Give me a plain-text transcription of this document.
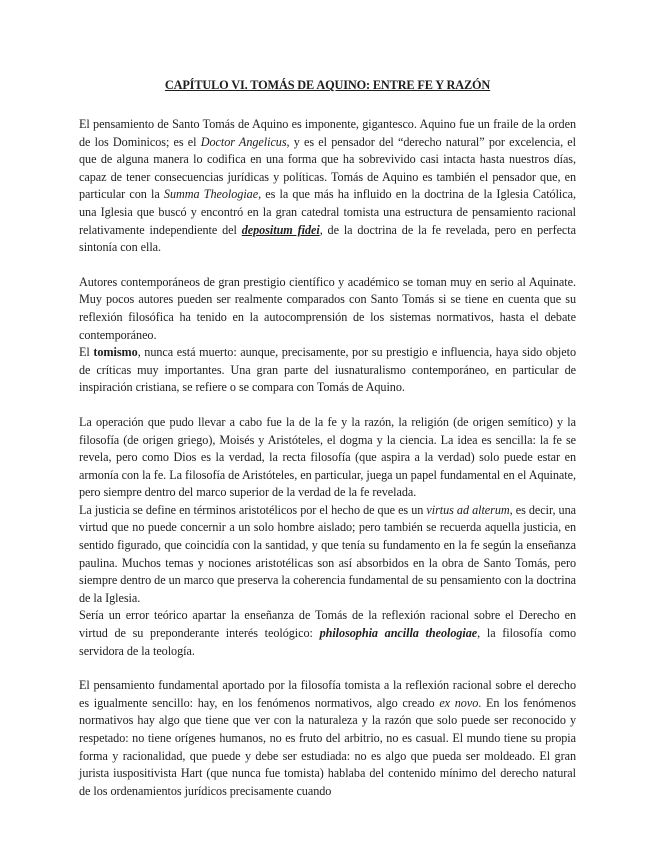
CAPÍTULO VI. TOMÁS DE AQUINO: ENTRE FE Y RAZÓN

El pensamiento de Santo Tomás de Aquino es imponente, gigantesco. Aquino fue un fraile de la orden de los Dominicos; es el Doctor Angelicus, y es el pensador del “derecho natural” por excelencia, el que de alguna manera lo codifica en una forma que ha sobrevivido casi intacta hasta nuestros días, capaz de tener consecuencias jurídicas y políticas. Tomás de Aquino es también el pensador que, en particular con la Summa Theologiae, es la que más ha influido en la doctrina de la Iglesia Católica, una Iglesia que buscó y encontró en la gran catedral tomista una estructura de pensamiento racional relativamente independiente del depositum fidei, de la doctrina de la fe revelada, pero en perfecta sintonía con ella.

Autores contemporáneos de gran prestigio científico y académico se toman muy en serio al Aquinate. Muy pocos autores pueden ser realmente comparados con Santo Tomás si se tiene en cuenta que su reflexión filosófica ha tenido en la autocomprensión de los sistemas normativos, hasta el debate contemporáneo.

El tomismo, nunca está muerto: aunque, precisamente, por su prestigio e influencia, haya sido objeto de críticas muy importantes. Una gran parte del iusnaturalismo contemporáneo, en particular de inspiración cristiana, se refiere o se compara con Tomás de Aquino.

La operación que pudo llevar a cabo fue la de la fe y la razón, la religión (de origen semítico) y la filosofía (de origen griego), Moisés y Aristóteles, el dogma y la ciencia. La idea es sencilla: la fe se revela, pero como Dios es la verdad, la recta filosofía (que aspira a la verdad) solo puede estar en armonía con la fe. La filosofía de Aristóteles, en particular, juega un papel fundamental en el Aquinate, pero siempre dentro del marco superior de la verdad de la fe revelada.

La justicia se define en términos aristotélicos por el hecho de que es un virtus ad alterum, es decir, una virtud que no puede concernir a un solo hombre aislado; pero también se recuerda aquella justicia, en sentido figurado, que coincidía con la santidad, y que tenía su fundamento en la fe según la enseñanza paulina. Muchos temas y nociones aristotélicas son así absorbidos en la obra de Santo Tomás, pero siempre dentro de un marco que preserva la coherencia fundamental de su pensamiento con la doctrina de la Iglesia.

Sería un error teórico apartar la enseñanza de Tomás de la reflexión racional sobre el Derecho en virtud de su preponderante interés teológico: philosophia ancilla theologiae, la filosofía como servidora de la teología.

El pensamiento fundamental aportado por la filosofía tomista a la reflexión racional sobre el derecho es igualmente sencillo: hay, en los fenómenos normativos, algo creado ex novo. En los fenómenos normativos hay algo que tiene que ver con la naturaleza y la razón que solo puede ser reconocido y respetado: no tiene orígenes humanos, no es fruto del arbitrio, no es casual. El mundo tiene su propia forma y racionalidad, que puede y debe ser estudiada: no es algo que pueda ser moldeado. El gran jurista iuspositivista Hart (que nunca fue tomista) hablaba del contenido mínimo del derecho natural de los ordenamientos jurídicos precisamente cuando
